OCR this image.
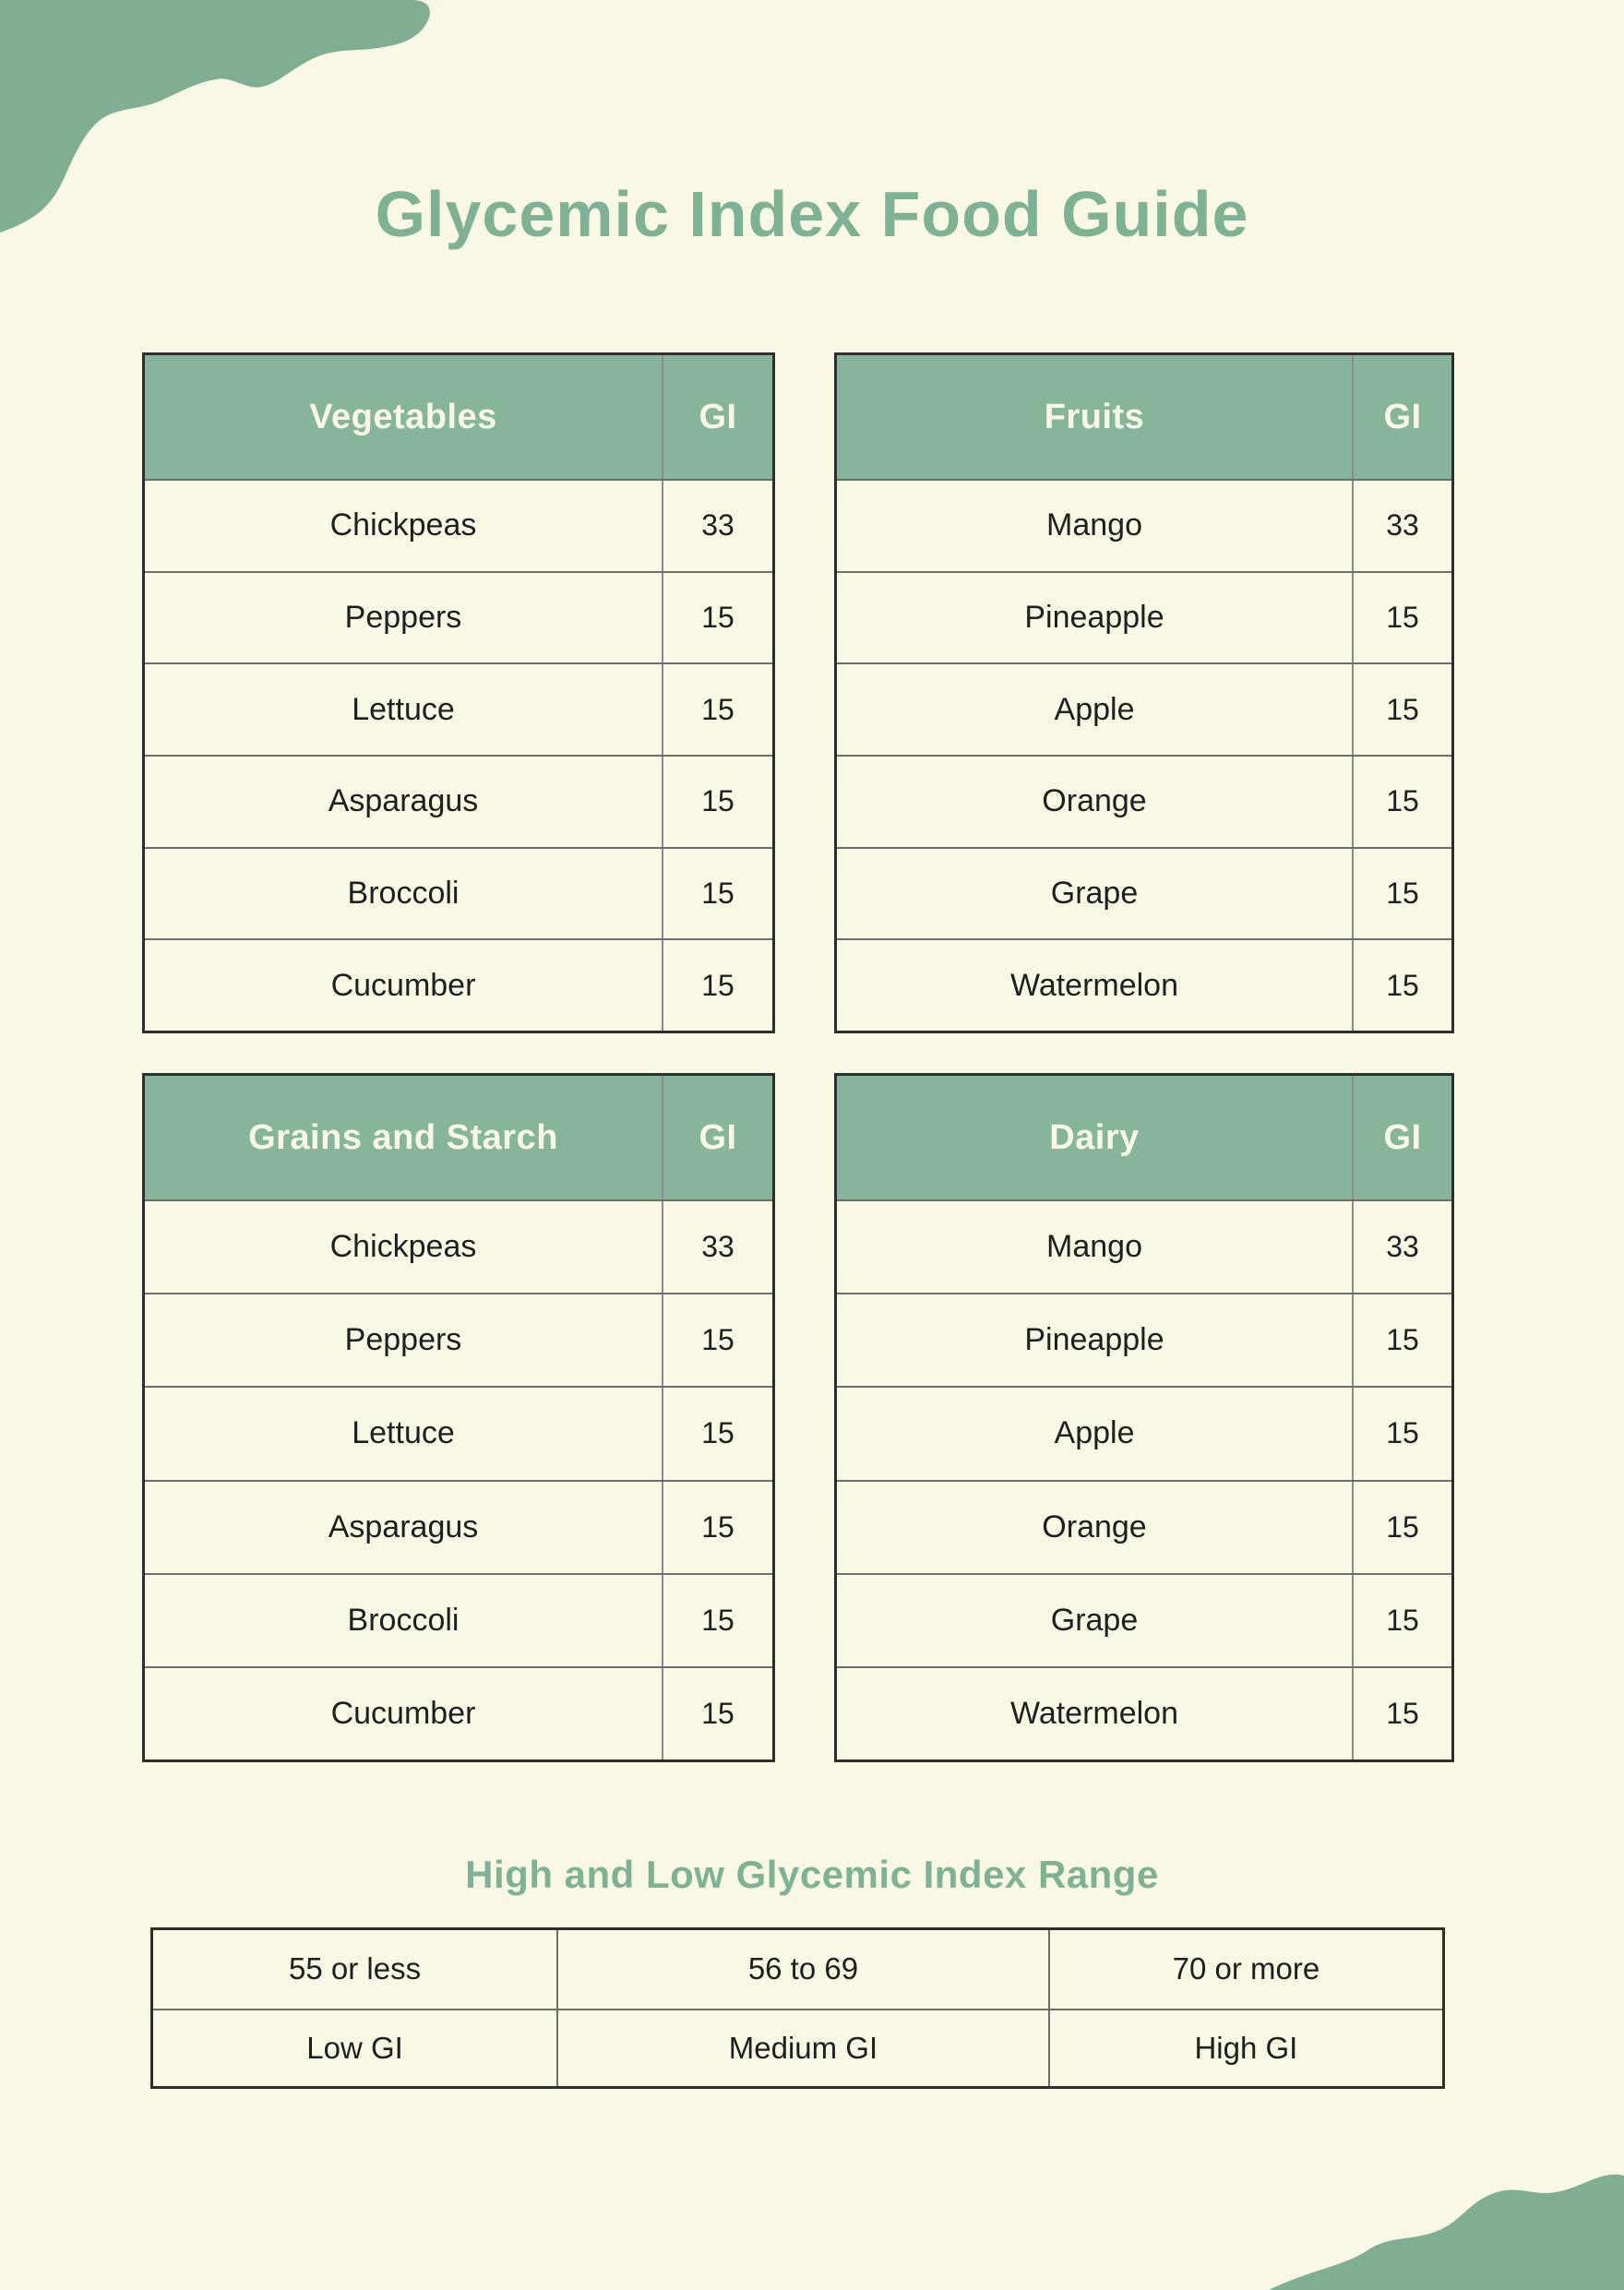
Glycemic Index Food Guide
Vegetables	GI
Chickpeas	33
Peppers	15
Lettuce	15
Asparagus	15
Broccoli	15
Cucumber	15
Fruits	GI
Mango	33
Pineapple	15
Apple	15
Orange	15
Grape	15
Watermelon	15
Grains and Starch	GI
Chickpeas	33
Peppers	15
Lettuce	15
Asparagus	15
Broccoli	15
Cucumber	15
Dairy	GI
Mango	33
Pineapple	15
Apple	15
Orange	15
Grape	15
Watermelon	15
High and Low Glycemic Index Range
55 or less	56 to 69	70 or more
Low GI	Medium GI	High GI
